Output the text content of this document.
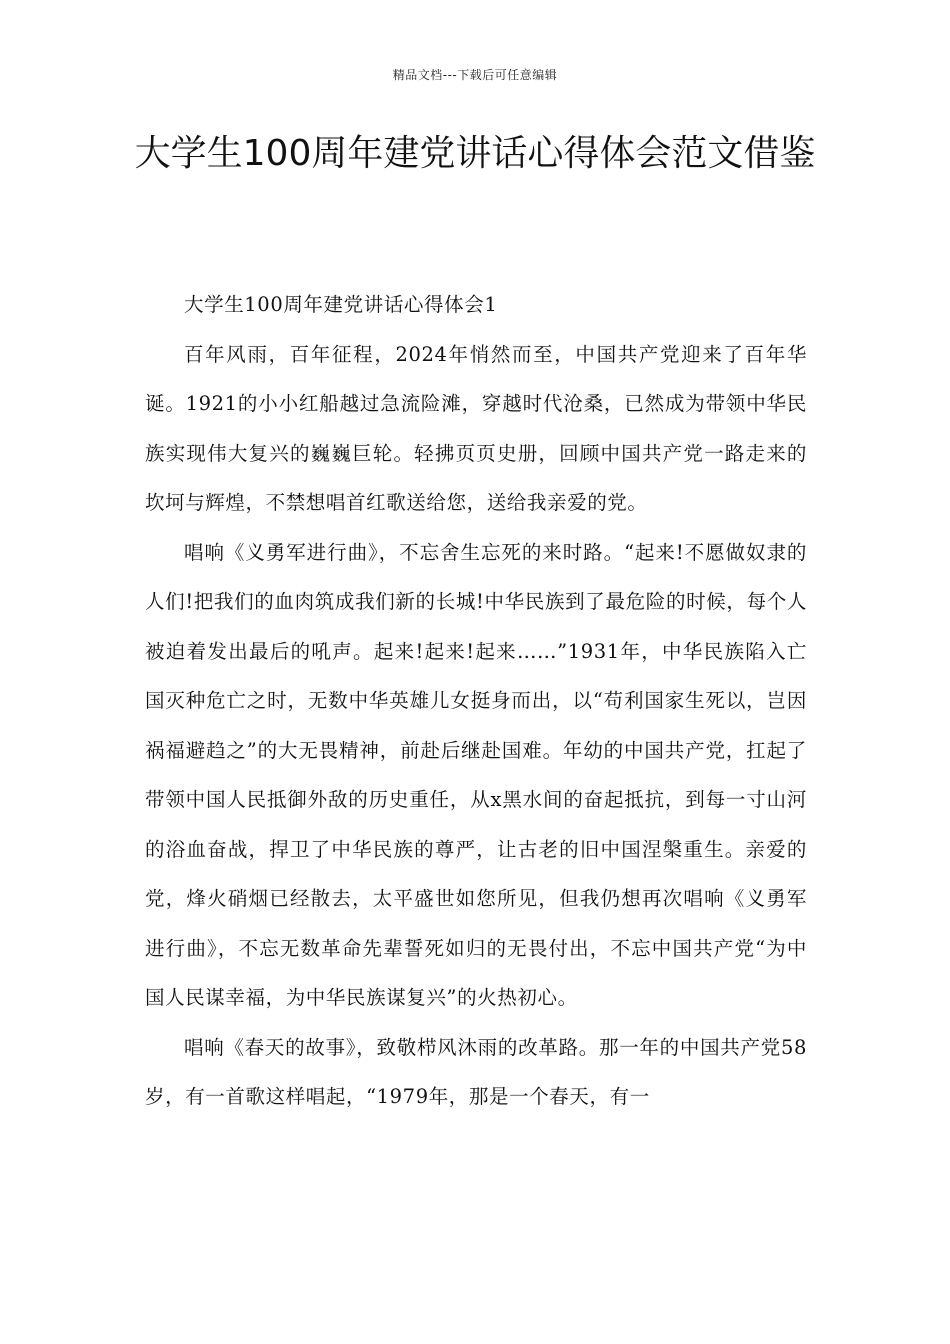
精品文档---下载后可任意编辑
大学生100周年建党讲话心得体会范文借鉴

大学生100周年建党讲话心得体会1

百年风雨，百年征程，2024年悄然而至，中国共产党迎来了百年华诞。1921的小小红船越过急流险滩，穿越时代沧桑，已然成为带领中华民族实现伟大复兴的巍巍巨轮。轻拂页页史册，回顾中国共产党一路走来的坎坷与辉煌，不禁想唱首红歌送给您，送给我亲爱的党。

唱响《义勇军进行曲》，不忘舍生忘死的来时路。“起来!不愿做奴隶的人们!把我们的血肉筑成我们新的长城!中华民族到了最危险的时候，每个人被迫着发出最后的吼声。起来!起来!起来……”1931年，中华民族陷入亡国灭种危亡之时，无数中华英雄儿女挺身而出，以“苟利国家生死以，岂因祸福避趋之”的大无畏精神，前赴后继赴国难。年幼的中国共产党，扛起了带领中国人民抵御外敌的历史重任，从x黑水间的奋起抵抗，到每一寸山河的浴血奋战，捍卫了中华民族的尊严，让古老的旧中国涅槃重生。亲爱的党，烽火硝烟已经散去，太平盛世如您所见，但我仍想再次唱响《义勇军进行曲》，不忘无数革命先辈誓死如归的无畏付出，不忘中国共产党“为中国人民谋幸福，为中华民族谋复兴”的火热初心。

唱响《春天的故事》，致敬栉风沐雨的改革路。那一年的中国共产党58岁，有一首歌这样唱起，“1979年，那是一个春天，有一
